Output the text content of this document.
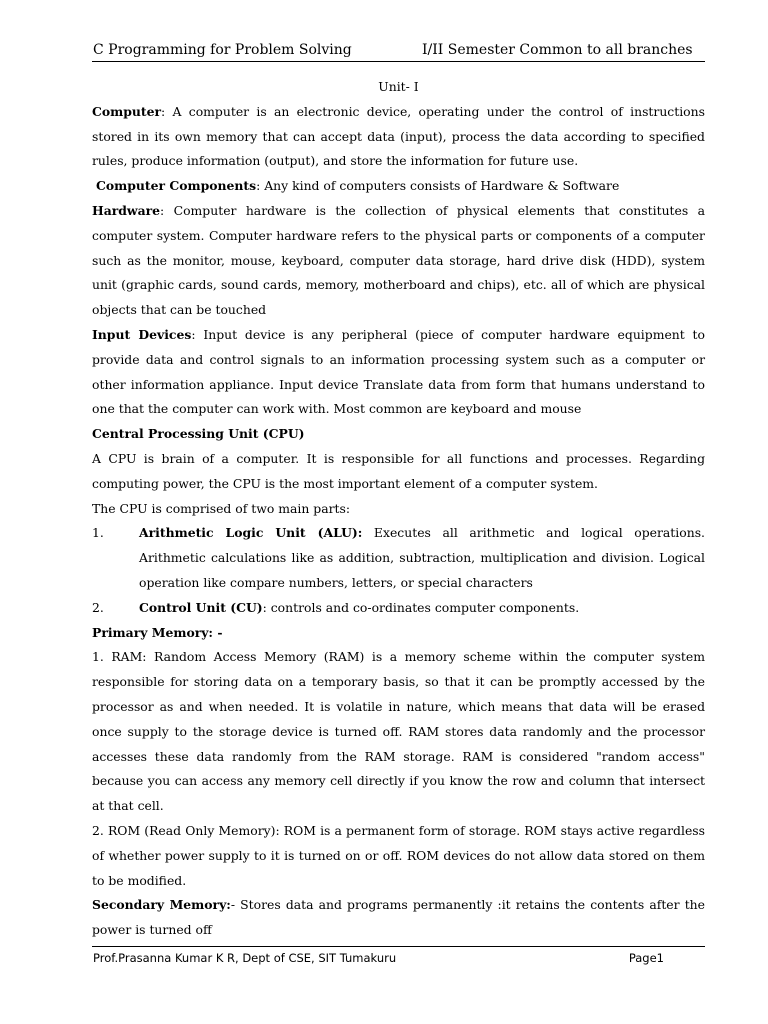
C Programming for Problem Solving	I/II Semester Common to all branches

Unit- I

Computer: A computer is an electronic device, operating under the control of instructions stored in its own memory that can accept data (input), process the data according to specified rules, produce information (output), and store the information for future use.

Computer Components: Any kind of computers consists of Hardware & Software

Hardware: Computer hardware is the collection of physical elements that constitutes a computer system. Computer hardware refers to the physical parts or components of a computer such as the monitor, mouse, keyboard, computer data storage, hard drive disk (HDD), system unit (graphic cards, sound cards, memory, motherboard and chips), etc. all of which are physical objects that can be touched

Input Devices: Input device is any peripheral (piece of computer hardware equipment to provide data and control signals to an information processing system such as a computer or other information appliance. Input device Translate data from form that humans understand to one that the computer can work with. Most common are keyboard and mouse

Central Processing Unit (CPU)

A CPU is brain of a computer. It is responsible for all functions and processes. Regarding computing power, the CPU is the most important element of a computer system.

The CPU is comprised of two main parts:

1.	Arithmetic Logic Unit (ALU): Executes all arithmetic and logical operations. Arithmetic calculations like as addition, subtraction, multiplication and division. Logical operation like compare numbers, letters, or special characters

2.	Control Unit (CU): controls and co-ordinates computer components.

Primary Memory: -

1. RAM: Random Access Memory (RAM) is a memory scheme within the computer system responsible for storing data on a temporary basis, so that it can be promptly accessed by the processor as and when needed. It is volatile in nature, which means that data will be erased once supply to the storage device is turned off. RAM stores data randomly and the processor accesses these data randomly from the RAM storage. RAM is considered "random access" because you can access any memory cell directly if you know the row and column that intersect at that cell.

2. ROM (Read Only Memory): ROM is a permanent form of storage. ROM stays active regardless of whether power supply to it is turned on or off. ROM devices do not allow data stored on them to be modified.

Secondary Memory:- Stores data and programs permanently :it retains the contents after the power is turned off

Prof.Prasanna Kumar K R, Dept of CSE, SIT Tumakuru	Page1
